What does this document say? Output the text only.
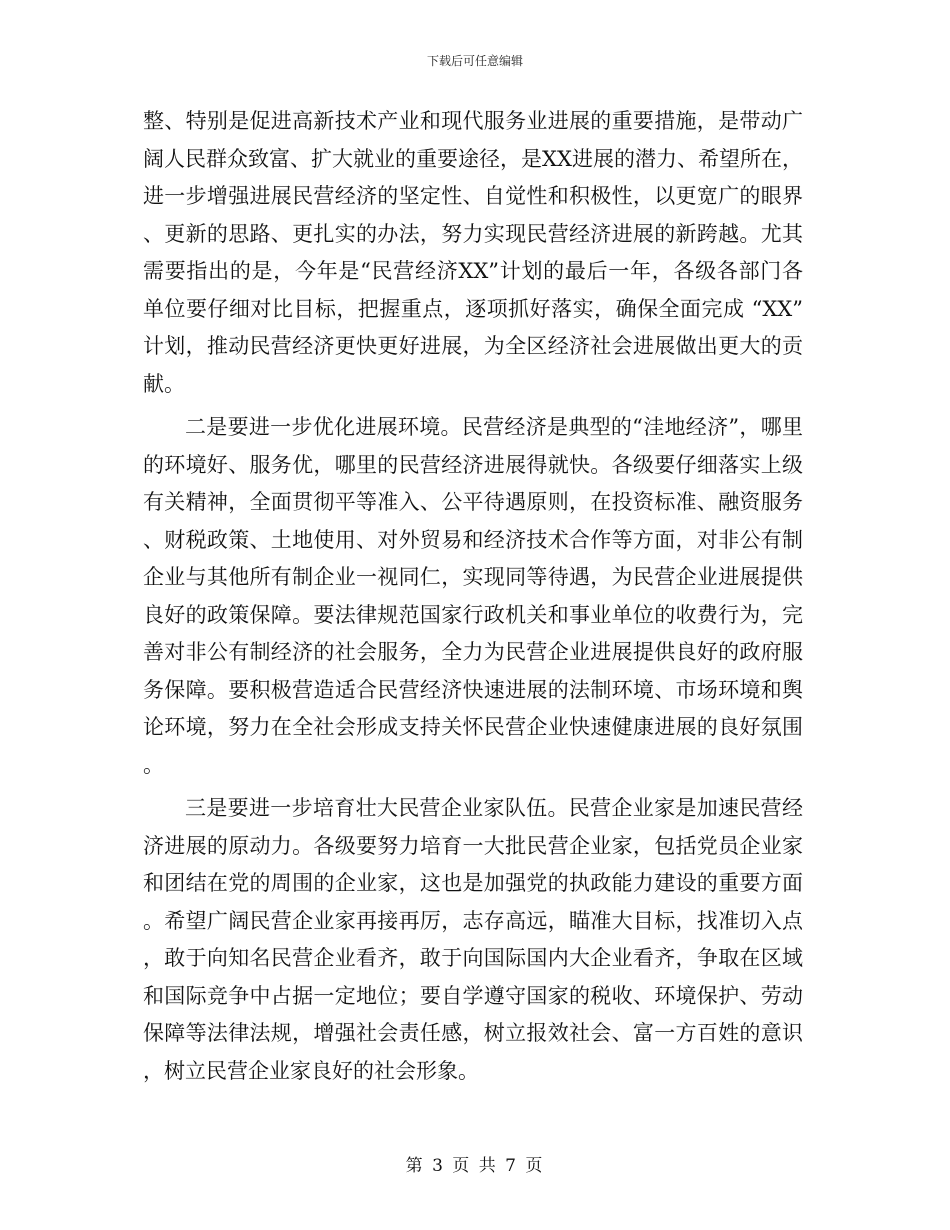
下载后可任意编辑

整、特别是促进高新技术产业和现代服务业进展的重要措施，是带动广阔人民群众致富、扩大就业的重要途径，是XX进展的潜力、希望所在，进一步增强进展民营经济的坚定性、自觉性和积极性，以更宽广的眼界、更新的思路、更扎实的办法，努力实现民营经济进展的新跨越。尤其需要指出的是，今年是“民营经济XX”计划的最后一年，各级各部门各单位要仔细对比目标，把握重点，逐项抓好落实，确保全面完成 “XX”计划，推动民营经济更快更好进展，为全区经济社会进展做出更大的贡献。

二是要进一步优化进展环境。民营经济是典型的“洼地经济”，哪里的环境好、服务优，哪里的民营经济进展得就快。各级要仔细落实上级有关精神，全面贯彻平等准入、公平待遇原则，在投资标准、融资服务、财税政策、土地使用、对外贸易和经济技术合作等方面，对非公有制企业与其他所有制企业一视同仁，实现同等待遇，为民营企业进展提供良好的政策保障。要法律规范国家行政机关和事业单位的收费行为，完善对非公有制经济的社会服务，全力为民营企业进展提供良好的政府服务保障。要积极营造适合民营经济快速进展的法制环境、市场环境和舆论环境，努力在全社会形成支持关怀民营企业快速健康进展的良好氛围。

三是要进一步培育壮大民营企业家队伍。民营企业家是加速民营经济进展的原动力。各级要努力培育一大批民营企业家，包括党员企业家和团结在党的周围的企业家，这也是加强党的执政能力建设的重要方面。希望广阔民营企业家再接再厉，志存高远，瞄准大目标，找准切入点，敢于向知名民营企业看齐，敢于向国际国内大企业看齐，争取在区域和国际竞争中占据一定地位；要自学遵守国家的税收、环境保护、劳动保障等法律法规，增强社会责任感，树立报效社会、富一方百姓的意识，树立民营企业家良好的社会形象。

第 3 页 共 7 页
